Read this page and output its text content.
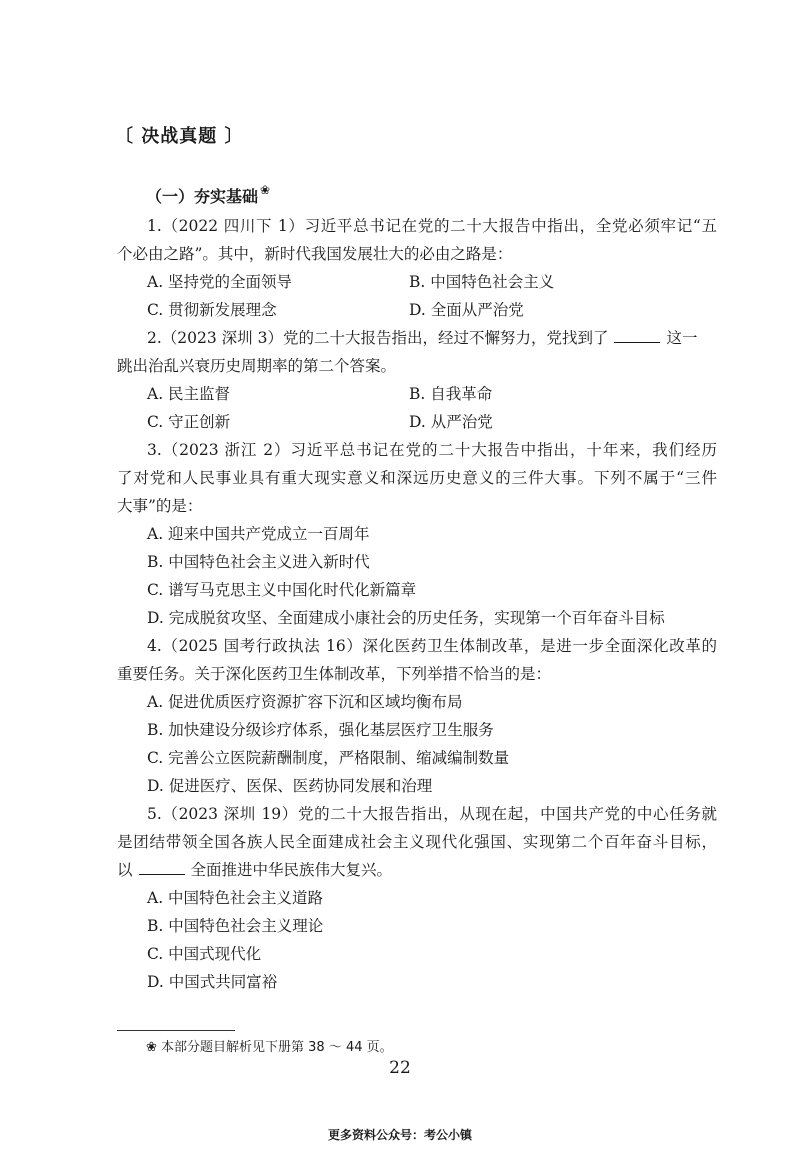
〔 决战真题 〕
（一）夯实基础 ❀
1.（2022 四川下 1）习近平总书记在党的二十大报告中指出，全党必须牢记“五
个必由之路”。其中，新时代我国发展壮大的必由之路是：
A. 坚持党的全面领导	B. 中国特色社会主义
C. 贯彻新发展理念	D. 全面从严治党
2.（2023 深圳 3）党的二十大报告指出，经过不懈努力，党找到了	这一
跳出治乱兴衰历史周期率的第二个答案。
A. 民主监督	B. 自我革命
C. 守正创新	D. 从严治党
3.（2023 浙江 2）习近平总书记在党的二十大报告中指出，十年来，我们经历
了对党和人民事业具有重大现实意义和深远历史意义的三件大事。下列不属于“三件
大事”的是：
A. 迎来中国共产党成立一百周年
B. 中国特色社会主义进入新时代
C. 谱写马克思主义中国化时代化新篇章
D. 完成脱贫攻坚、全面建成小康社会的历史任务，实现第一个百年奋斗目标
4.（2025 国考行政执法 16）深化医药卫生体制改革，是进一步全面深化改革的
重要任务。关于深化医药卫生体制改革，下列举措不恰当的是：
A. 促进优质医疗资源扩容下沉和区域均衡布局
B. 加快建设分级诊疗体系，强化基层医疗卫生服务
C. 完善公立医院薪酬制度，严格限制、缩减编制数量
D. 促进医疗、医保、医药协同发展和治理
5.（2023 深圳 19）党的二十大报告指出，从现在起，中国共产党的中心任务就
是团结带领全国各族人民全面建成社会主义现代化强国、实现第二个百年奋斗目标，
以	全面推进中华民族伟大复兴。
A. 中国特色社会主义道路
B. 中国特色社会主义理论
C. 中国式现代化
D. 中国式共同富裕
❀ 本部分题目解析见下册第 38 ～ 44 页。
22
更多资料公众号：考公小镇
